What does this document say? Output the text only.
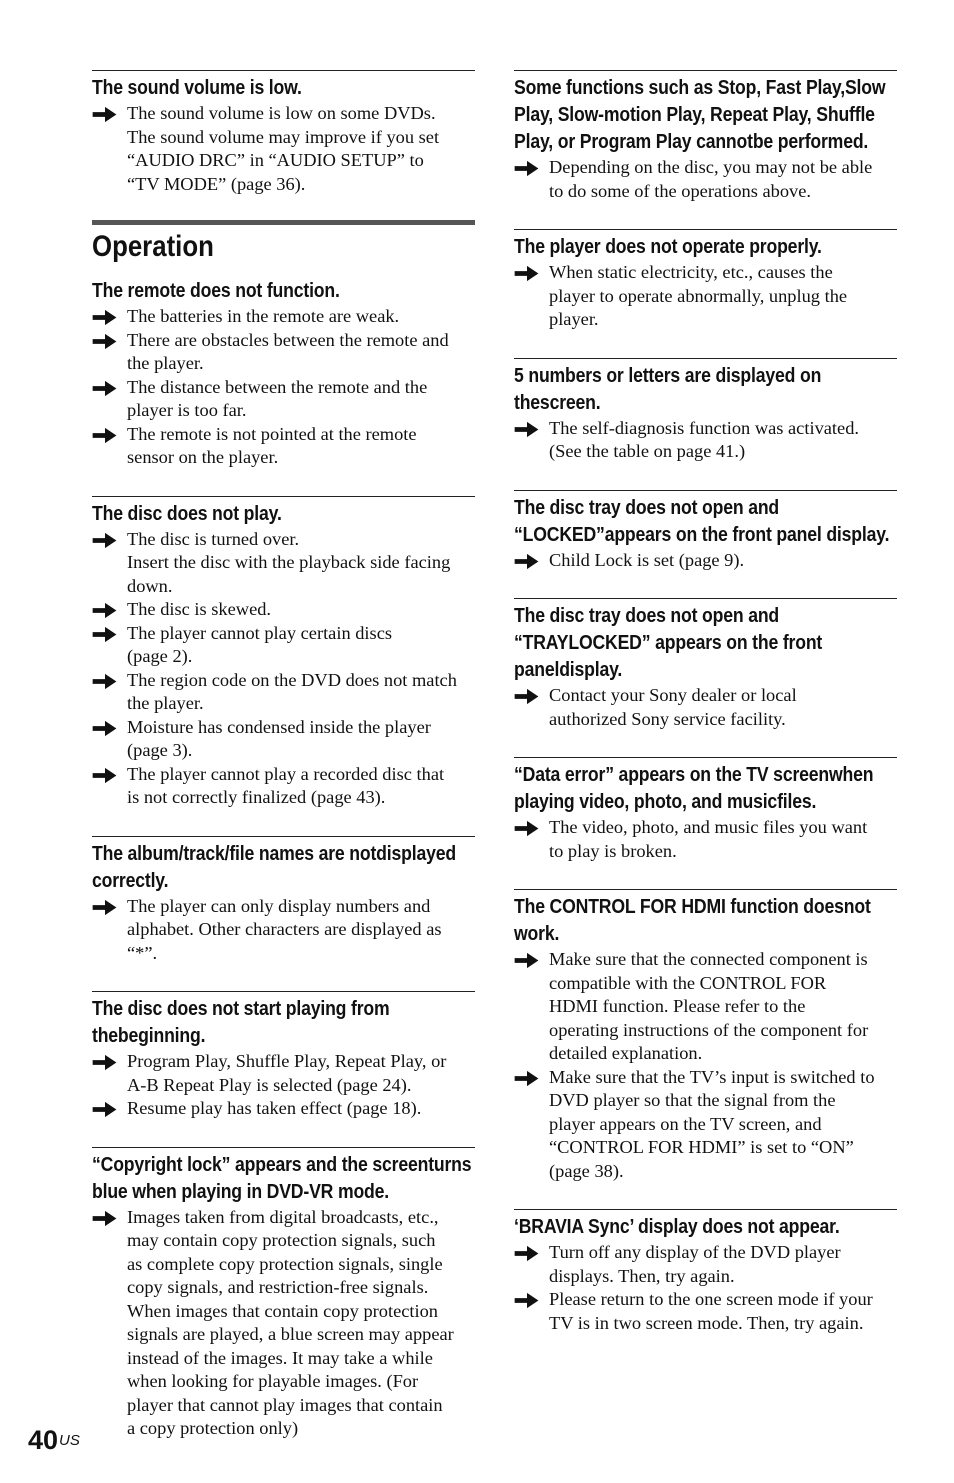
The sound volume is low.
The sound volume is low on some DVDs.
The sound volume may improve if you set
“AUDIO DRC” in “AUDIO SETUP” to
“TV MODE” (page 36).
Operation
The remote does not function.
The batteries in the remote are weak.
There are obstacles between the remote and
the player.
The distance between the remote and the
player is too far.
The remote is not pointed at the remote
sensor on the player.
The disc does not play.
The disc is turned over.
Insert the disc with the playback side facing
down.
The disc is skewed.
The player cannot play certain discs
(page 2).
The region code on the DVD does not match
the player.
Moisture has condensed inside the player
(page 3).
The player cannot play a recorded disc that
is not correctly finalized (page 43).
The album/track/file names are notdisplayed correctly.
The player can only display numbers and
alphabet. Other characters are displayed as
“*”.
The disc does not start playing from thebeginning.
Program Play, Shuffle Play, Repeat Play, or
A-B Repeat Play is selected (page 24).
Resume play has taken effect (page 18).
“Copyright lock” appears and the screenturns blue when playing in DVD-VR mode.
Images taken from digital broadcasts, etc.,
may contain copy protection signals, such
as complete copy protection signals, single
copy signals, and restriction-free signals.
When images that contain copy protection
signals are played, a blue screen may appear
instead of the images. It may take a while
when looking for playable images. (For
player that cannot play images that contain
a copy protection only)
Some functions such as Stop, Fast Play,Slow Play, Slow-motion Play, Repeat Play, Shuffle Play, or Program Play cannotbe performed.
Depending on the disc, you may not be able
to do some of the operations above.
The player does not operate properly.
When static electricity, etc., causes the
player to operate abnormally, unplug the
player.
5 numbers or letters are displayed on thescreen.
The self-diagnosis function was activated.
(See the table on page 41.)
The disc tray does not open and “LOCKED”appears on the front panel display.
Child Lock is set (page 9).
The disc tray does not open and “TRAYLOCKED” appears on the front paneldisplay.
Contact your Sony dealer or local
authorized Sony service facility.
“Data error” appears on the TV screenwhen playing video, photo, and musicfiles.
The video, photo, and music files you want
to play is broken.
The CONTROL FOR HDMI function doesnot work.
Make sure that the connected component is
compatible with the CONTROL FOR
HDMI function. Please refer to the
operating instructions of the component for
detailed explanation.
Make sure that the TV’s input is switched to
DVD player so that the signal from the
player appears on the TV screen, and
“CONTROL FOR HDMI” is set to “ON”
(page 38).
‘BRAVIA Sync’ display does not appear.
Turn off any display of the DVD player
displays. Then, try again.
Please return to the one screen mode if your
TV is in two screen mode. Then, try again.
$40^{US}$
